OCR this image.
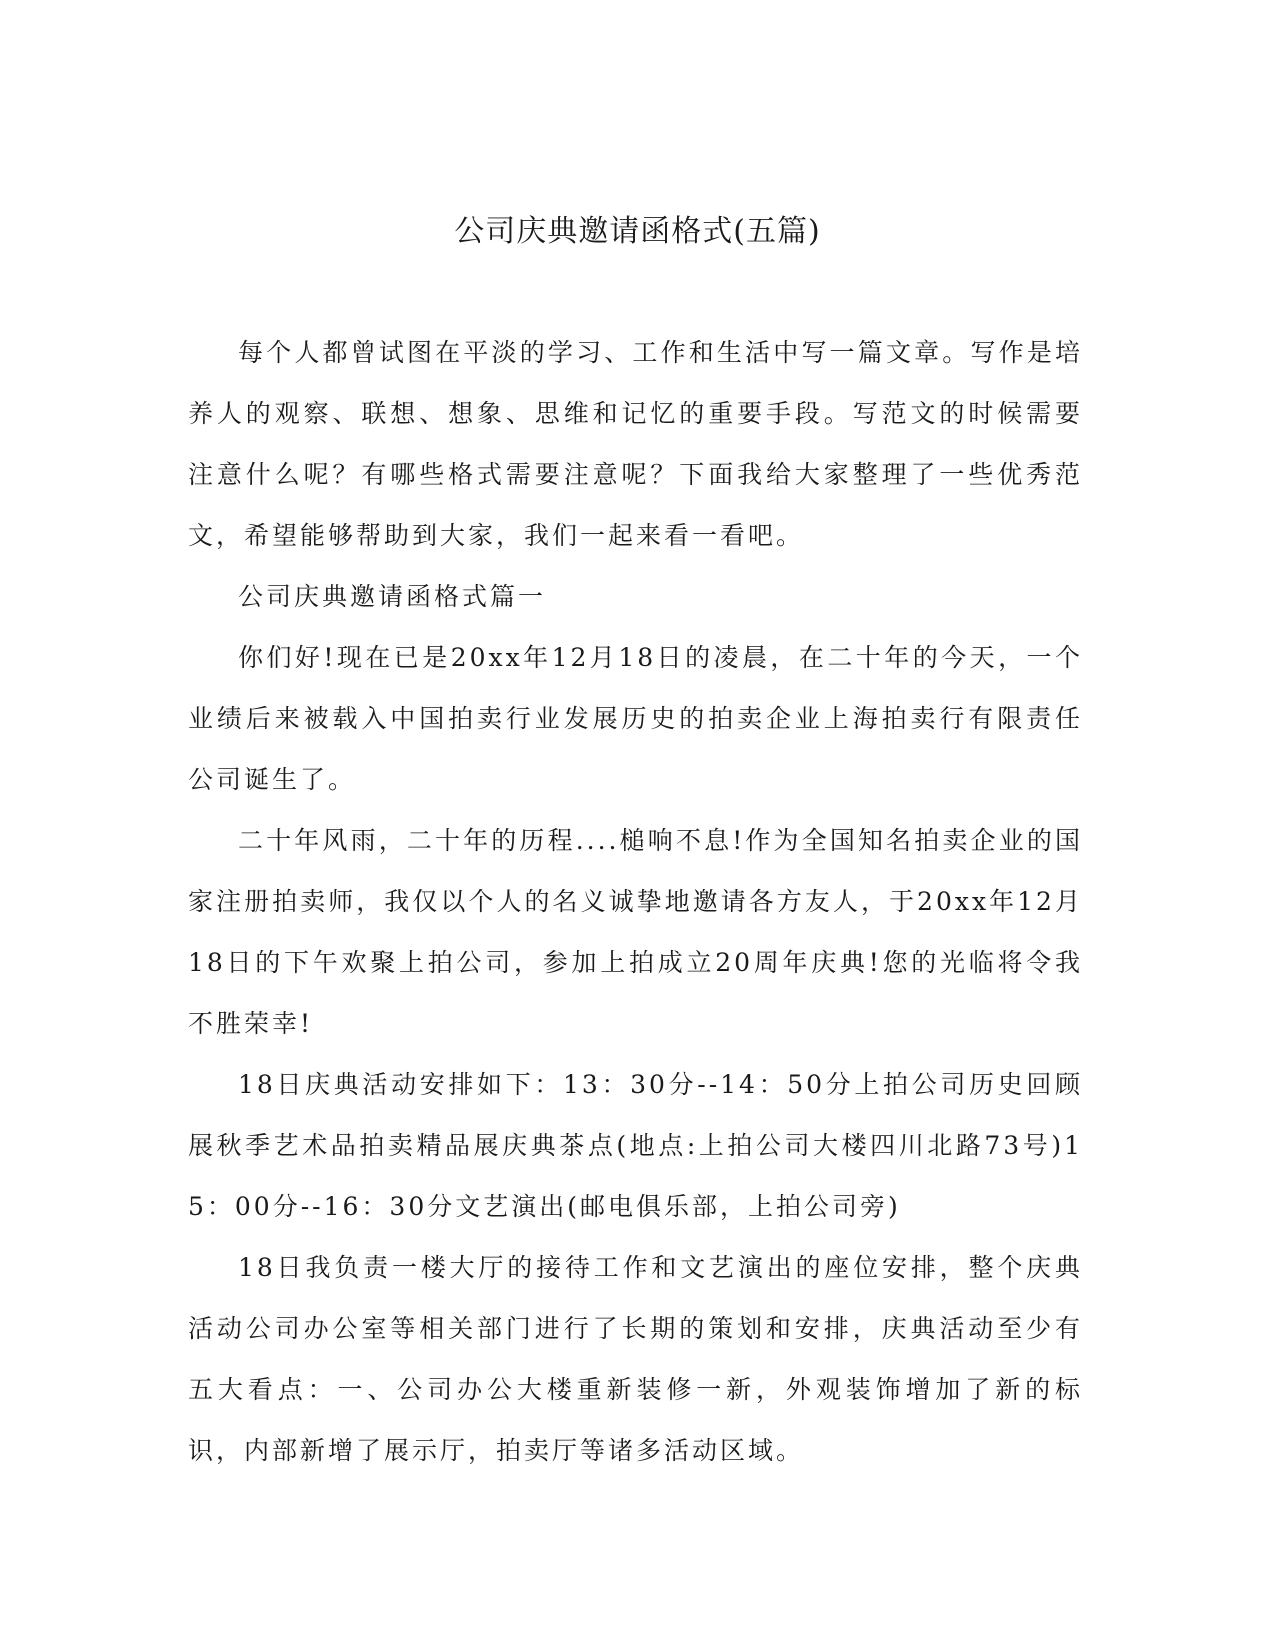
公司庆典邀请函格式(五篇)

每个人都曾试图在平淡的学习、工作和生活中写一篇文章。写作是培养人的观察、联想、想象、思维和记忆的重要手段。写范文的时候需要注意什么呢？有哪些格式需要注意呢？下面我给大家整理了一些优秀范文，希望能够帮助到大家，我们一起来看一看吧。

公司庆典邀请函格式篇一

你们好!现在已是20xx年12月18日的凌晨，在二十年的今天，一个业绩后来被载入中国拍卖行业发展历史的拍卖企业上海拍卖行有限责任公司诞生了。

二十年风雨，二十年的历程....槌响不息!作为全国知名拍卖企业的国家注册拍卖师，我仅以个人的名义诚挚地邀请各方友人，于20xx年12月18日的下午欢聚上拍公司，参加上拍成立20周年庆典!您的光临将令我不胜荣幸!

18日庆典活动安排如下：13：30分--14：50分上拍公司历史回顾展秋季艺术品拍卖精品展庆典茶点(地点:上拍公司大楼四川北路73号)15：00分--16：30分文艺演出(邮电俱乐部，上拍公司旁)

18日我负责一楼大厅的接待工作和文艺演出的座位安排，整个庆典活动公司办公室等相关部门进行了长期的策划和安排，庆典活动至少有五大看点：一、公司办公大楼重新装修一新，外观装饰增加了新的标识，内部新增了展示厅，拍卖厅等诸多活动区域。
